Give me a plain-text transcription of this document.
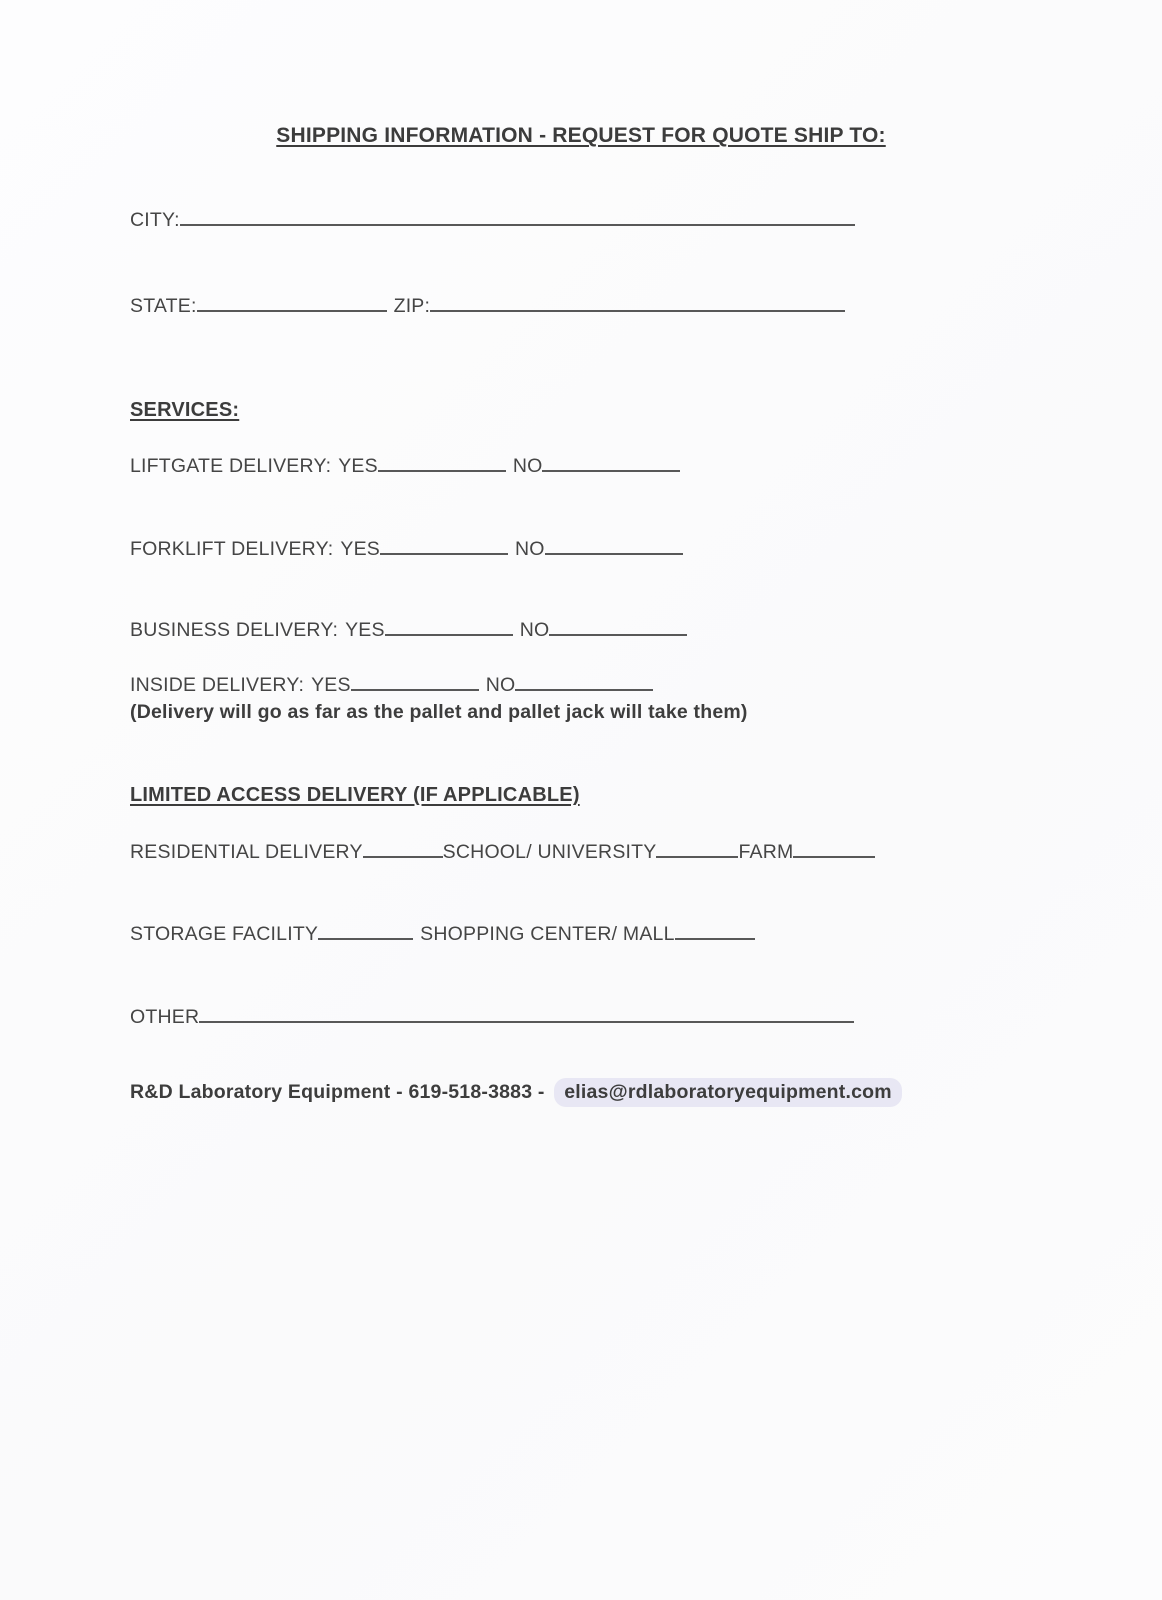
SHIPPING INFORMATION - REQUEST FOR QUOTE SHIP TO:
CITY:
STATE:	ZIP:
SERVICES:
LIFTGATE DELIVERY: YES	NO
FORKLIFT DELIVERY: YES	NO
BUSINESS DELIVERY: YES	NO
INSIDE DELIVERY: YES	NO
(Delivery will go as far as the pallet and pallet jack will take them)
LIMITED ACCESS DELIVERY (IF APPLICABLE)
RESIDENTIAL DELIVERY	SCHOOL/ UNIVERSITY	FARM
STORAGE FACILITY	SHOPPING CENTER/ MALL
OTHER
R&D Laboratory Equipment - 619-518-3883 - elias@rdlaboratoryequipment.com
